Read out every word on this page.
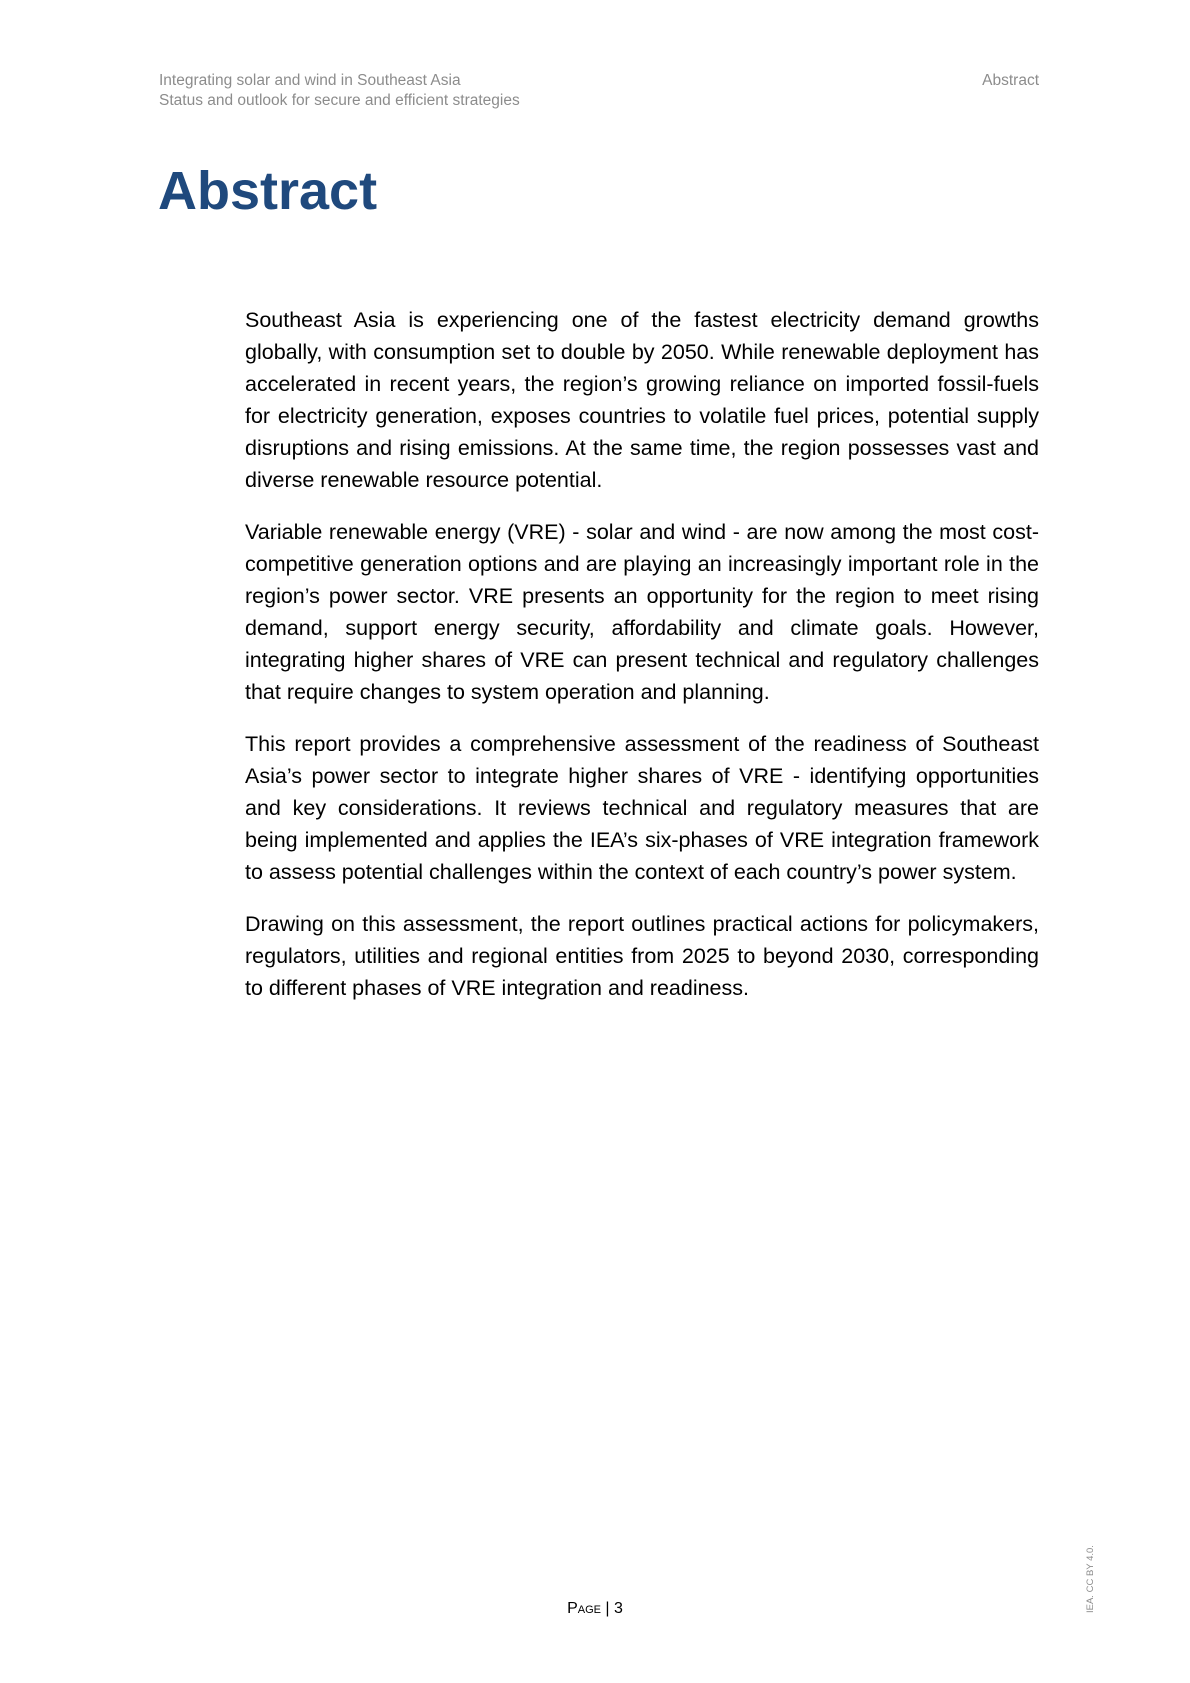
Integrating solar and wind in Southeast Asia
Status and outlook for secure and efficient strategies
Abstract
Abstract

Southeast Asia is experiencing one of the fastest electricity demand growths globally, with consumption set to double by 2050. While renewable deployment has accelerated in recent years, the region’s growing reliance on imported fossil-fuels for electricity generation, exposes countries to volatile fuel prices, potential supply disruptions and rising emissions. At the same time, the region possesses vast and diverse renewable resource potential.

Variable renewable energy (VRE) - solar and wind - are now among the most cost-competitive generation options and are playing an increasingly important role in the region’s power sector. VRE presents an opportunity for the region to meet rising demand, support energy security, affordability and climate goals. However, integrating higher shares of VRE can present technical and regulatory challenges that require changes to system operation and planning.

This report provides a comprehensive assessment of the readiness of Southeast Asia’s power sector to integrate higher shares of VRE - identifying opportunities and key considerations. It reviews technical and regulatory measures that are being implemented and applies the IEA’s six-phases of VRE integration framework to assess potential challenges within the context of each country’s power system.

Drawing on this assessment, the report outlines practical actions for policymakers, regulators, utilities and regional entities from 2025 to beyond 2030, corresponding to different phases of VRE integration and readiness.

Page | 3	IEA. CC BY 4.0.
